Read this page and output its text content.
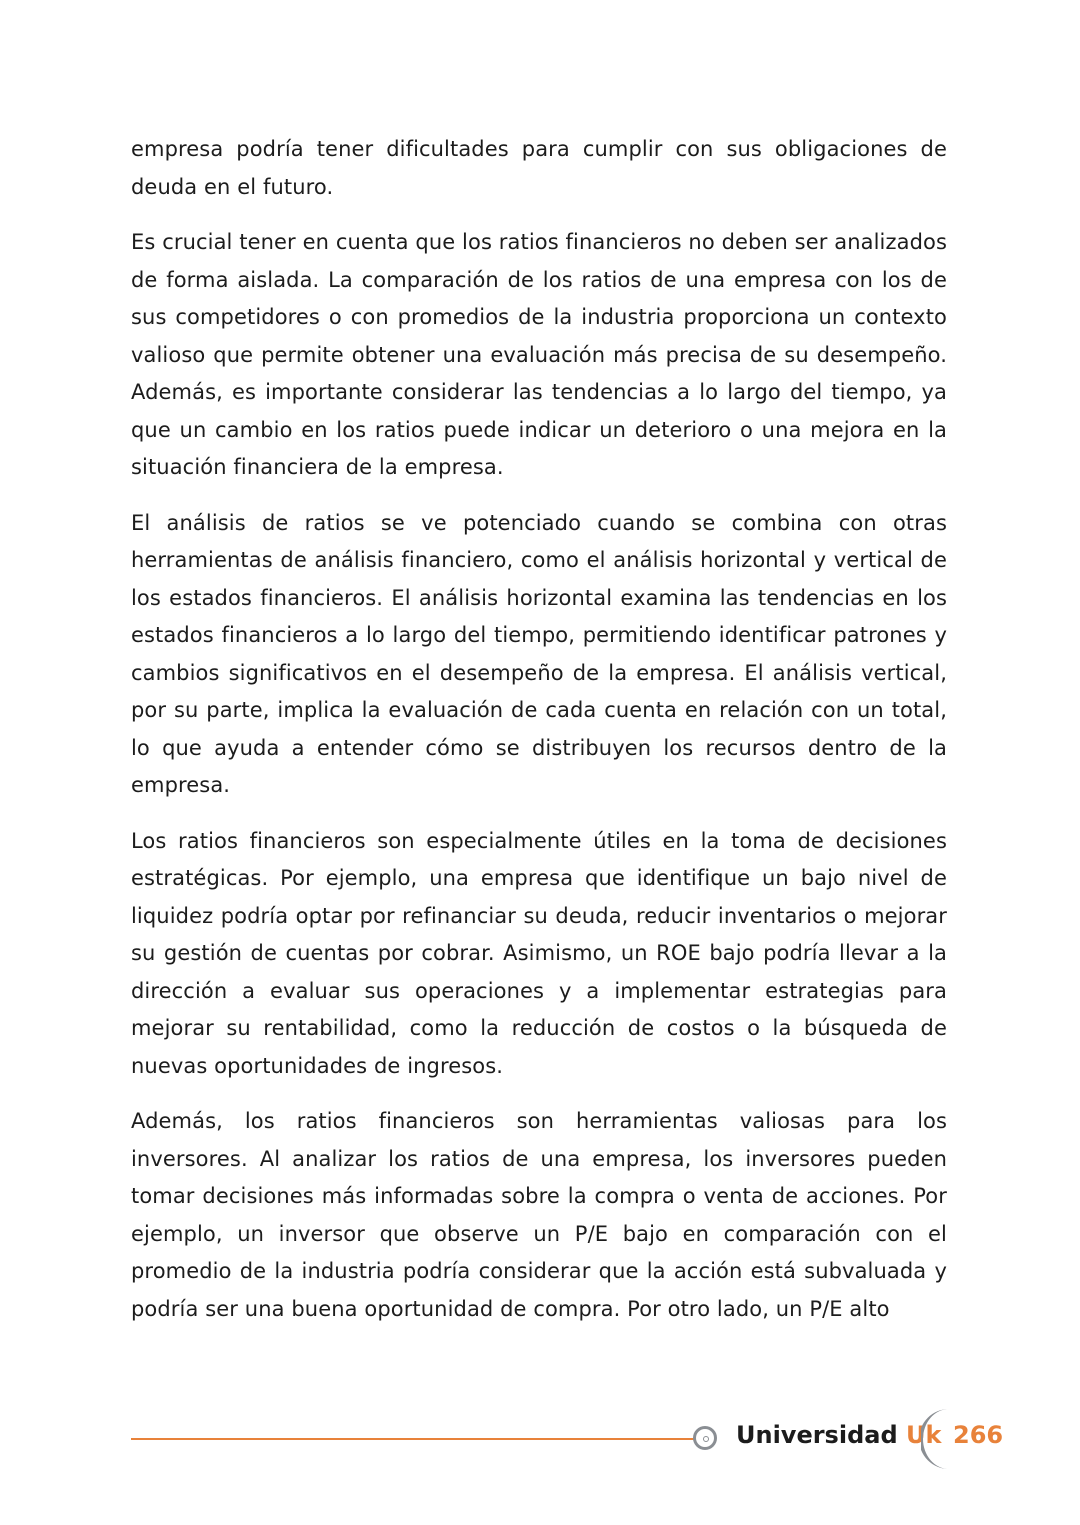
empresa podría tener dificultades para cumplir con sus obligaciones de deuda en el futuro.

Es crucial tener en cuenta que los ratios financieros no deben ser analizados de forma aislada. La comparación de los ratios de una empresa con los de sus competidores o con promedios de la industria proporciona un contexto valioso que permite obtener una evaluación más precisa de su desempeño. Además, es importante considerar las tendencias a lo largo del tiempo, ya que un cambio en los ratios puede indicar un deterioro o una mejora en la situación financiera de la empresa.

El análisis de ratios se ve potenciado cuando se combina con otras herramientas de análisis financiero, como el análisis horizontal y vertical de los estados financieros. El análisis horizontal examina las tendencias en los estados financieros a lo largo del tiempo, permitiendo identificar patrones y cambios significativos en el desempeño de la empresa. El análisis vertical, por su parte, implica la evaluación de cada cuenta en relación con un total, lo que ayuda a entender cómo se distribuyen los recursos dentro de la empresa.

Los ratios financieros son especialmente útiles en la toma de decisiones estratégicas. Por ejemplo, una empresa que identifique un bajo nivel de liquidez podría optar por refinanciar su deuda, reducir inventarios o mejorar su gestión de cuentas por cobrar. Asimismo, un ROE bajo podría llevar a la dirección a evaluar sus operaciones y a implementar estrategias para mejorar su rentabilidad, como la reducción de costos o la búsqueda de nuevas oportunidades de ingresos.

Además, los ratios financieros son herramientas valiosas para los inversores. Al analizar los ratios de una empresa, los inversores pueden tomar decisiones más informadas sobre la compra o venta de acciones. Por ejemplo, un inversor que observe un P/E bajo en comparación con el promedio de la industria podría considerar que la acción está subvaluada y podría ser una buena oportunidad de compra. Por otro lado, un P/E alto

Universidad Uk 266
